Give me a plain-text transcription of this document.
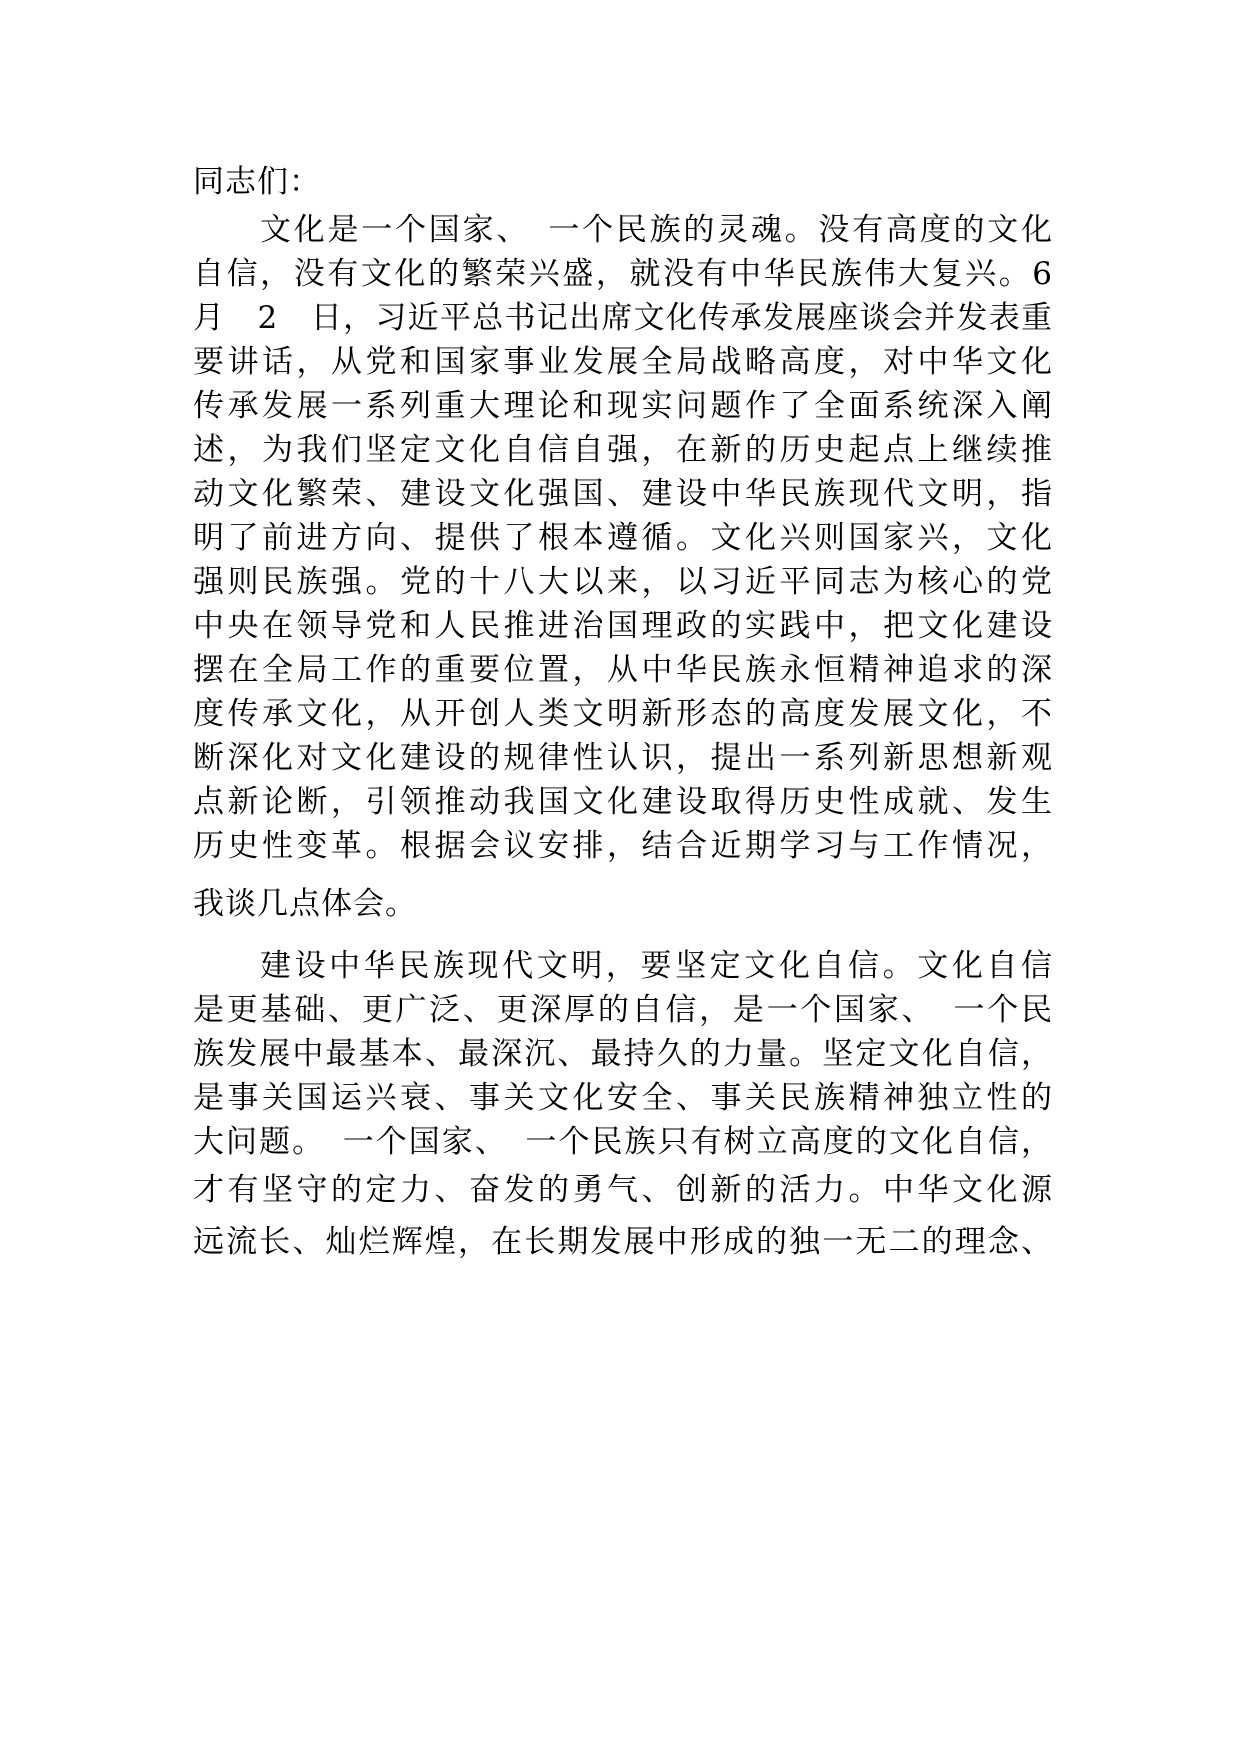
同志们：
文化是一个国家、　一个民族的灵魂。没有高度的文化
自信，没有文化的繁荣兴盛，就没有中华民族伟大复兴。6
月　2　日，习近平总书记出席文化传承发展座谈会并发表重
要讲话，从党和国家事业发展全局战略高度，对中华文化
传承发展一系列重大理论和现实问题作了全面系统深入阐
述，为我们坚定文化自信自强，在新的历史起点上继续推
动文化繁荣、建设文化强国、建设中华民族现代文明，指
明了前进方向、提供了根本遵循。文化兴则国家兴，文化
强则民族强。党的十八大以来，以习近平同志为核心的党
中央在领导党和人民推进治国理政的实践中，把文化建设
摆在全局工作的重要位置，从中华民族永恒精神追求的深
度传承文化，从开创人类文明新形态的高度发展文化，不
断深化对文化建设的规律性认识，提出一系列新思想新观
点新论断，引领推动我国文化建设取得历史性成就、发生
历史性变革。根据会议安排，结合近期学习与工作情况，
我谈几点体会。
建设中华民族现代文明，要坚定文化自信。文化自信
是更基础、更广泛、更深厚的自信，是一个国家、　一个民
族发展中最基本、最深沉、最持久的力量。坚定文化自信，
是事关国运兴衰、事关文化安全、事关民族精神独立性的
大问题。　一个国家、　一个民族只有树立高度的文化自信，
才有坚守的定力、奋发的勇气、创新的活力。中华文化源
远流长、灿烂辉煌，在长期发展中形成的独一无二的理念、
